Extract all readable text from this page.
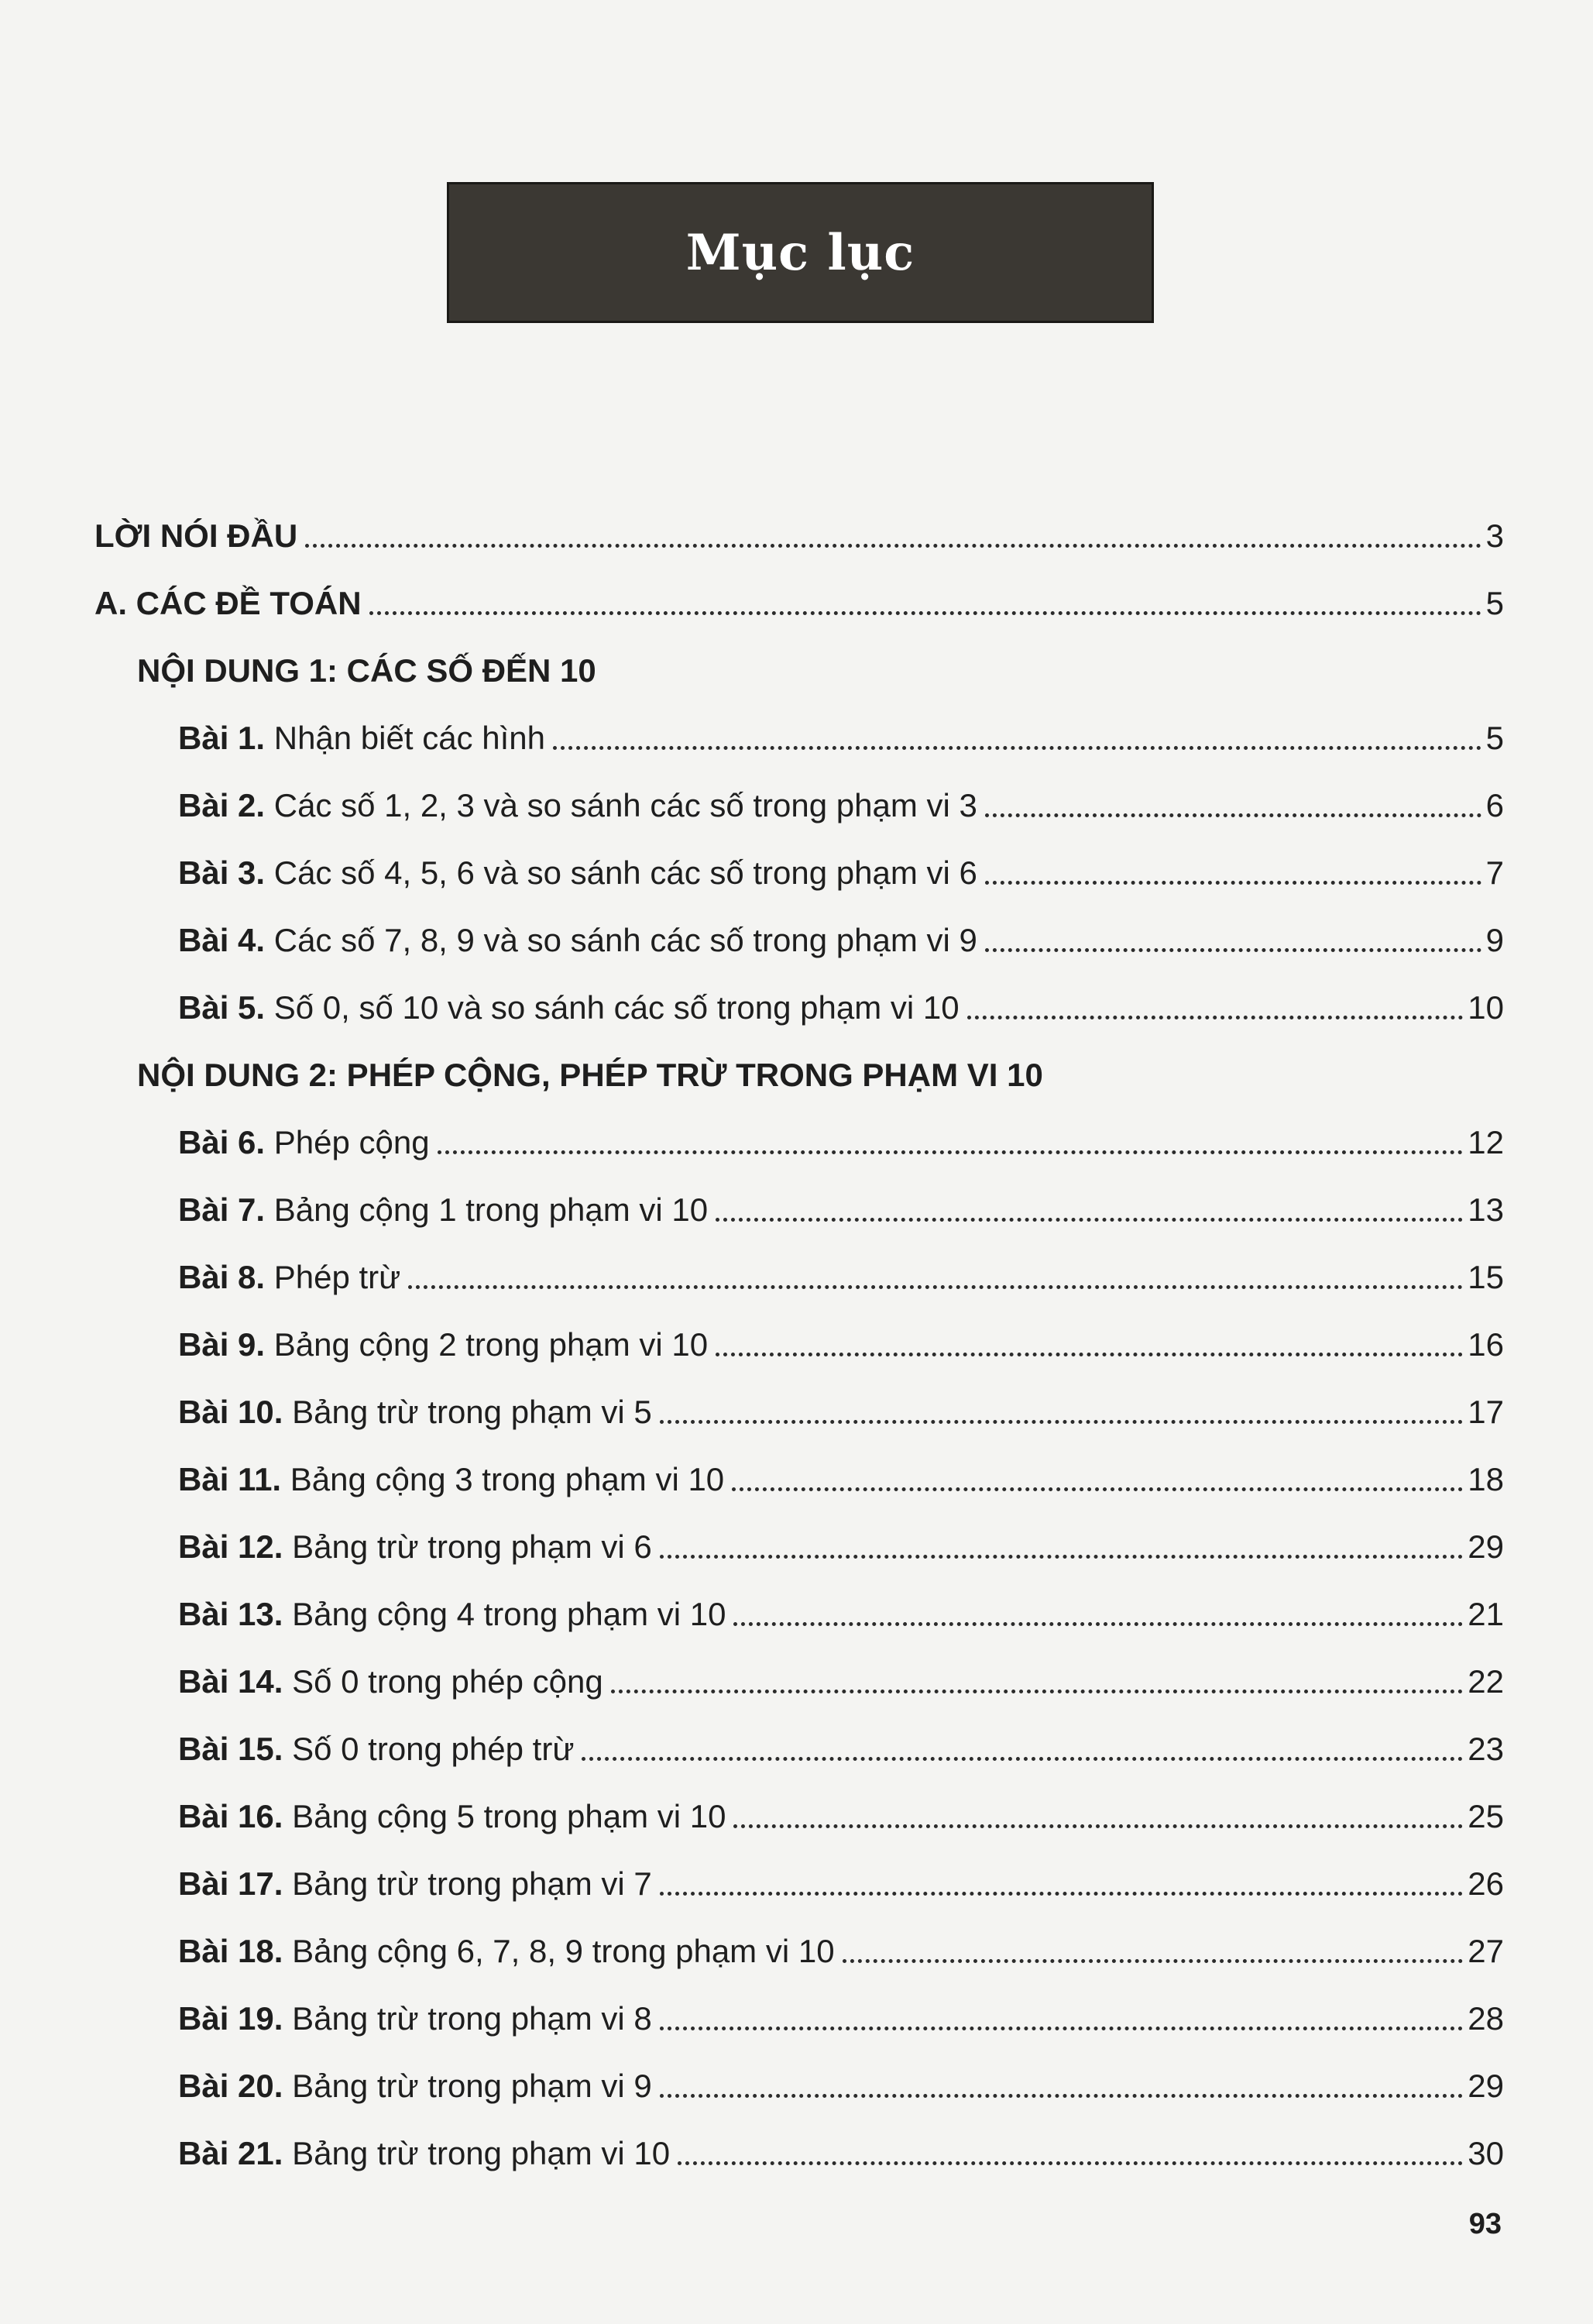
Mục lục
LỜI NÓI ĐẦU	3
A. CÁC ĐỀ TOÁN	5
NỘI DUNG 1: CÁC SỐ ĐẾN 10
Bài 1. Nhận biết các hình	5
Bài 2. Các số 1, 2, 3 và so sánh các số trong phạm vi 3	6
Bài 3. Các số 4, 5, 6 và so sánh các số trong phạm vi 6	7
Bài 4. Các số 7, 8, 9 và so sánh các số trong phạm vi 9	9
Bài 5. Số 0, số 10 và so sánh các số trong phạm vi 10	10
NỘI DUNG 2: PHÉP CỘNG, PHÉP TRỪ TRONG PHẠM VI 10
Bài 6. Phép cộng	12
Bài 7. Bảng cộng 1 trong phạm vi 10	13
Bài 8. Phép trừ	15
Bài 9. Bảng cộng 2 trong phạm vi 10	16
Bài 10. Bảng trừ trong phạm vi 5	17
Bài 11. Bảng cộng 3 trong phạm vi 10	18
Bài 12. Bảng trừ trong phạm vi 6	29
Bài 13. Bảng cộng 4 trong phạm vi 10	21
Bài 14. Số 0 trong phép cộng	22
Bài 15. Số 0 trong phép trừ	23
Bài 16. Bảng cộng 5 trong phạm vi 10	25
Bài 17. Bảng trừ trong phạm vi 7	26
Bài 18. Bảng cộng 6, 7, 8, 9 trong phạm vi 10	27
Bài 19. Bảng trừ trong phạm vi 8	28
Bài 20. Bảng trừ trong phạm vi 9	29
Bài 21. Bảng trừ trong phạm vi 10	30
93
